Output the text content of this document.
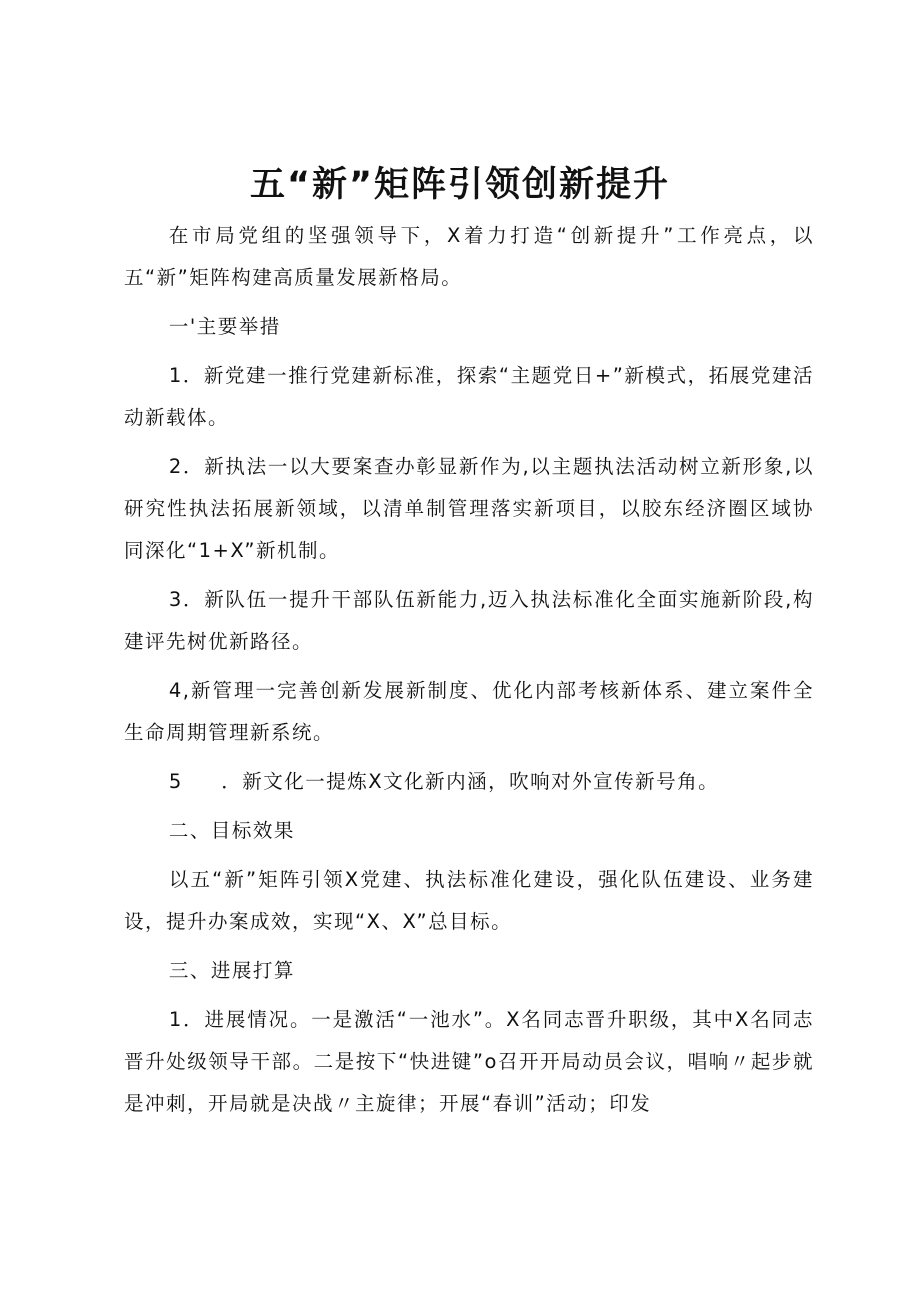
五“新”矩阵引领创新提升

在市局党组的坚强领导下，X着力打造“创新提升”工作亮点，以五“新”矩阵构建高质量发展新格局。

一'主要举措

1．新党建一推行党建新标准，探索“主题党日+”新模式，拓展党建活动新载体。

2．新执法一以大要案查办彰显新作为,以主题执法活动树立新形象,以研究性执法拓展新领域，以清单制管理落实新项目，以胶东经济圈区域协同深化“1+X”新机制。

3．新队伍一提升干部队伍新能力,迈入执法标准化全面实施新阶段,构建评先树优新路径。

4,新管理一完善创新发展新制度、优化内部考核新体系、建立案件全生命周期管理新系统。

5     ．新文化一提炼X文化新内涵，吹响对外宣传新号角。

二、目标效果

以五“新”矩阵引领X党建、执法标准化建设，强化队伍建设、业务建设，提升办案成效，实现“X、X”总目标。

三、进展打算

1．进展情况。一是激活“一池水”。X名同志晋升职级，其中X名同志晋升处级领导干部。二是按下“快进键”o召开开局动员会议，唱响〃起步就是冲刺，开局就是决战〃主旋律；开展“春训”活动；印发
